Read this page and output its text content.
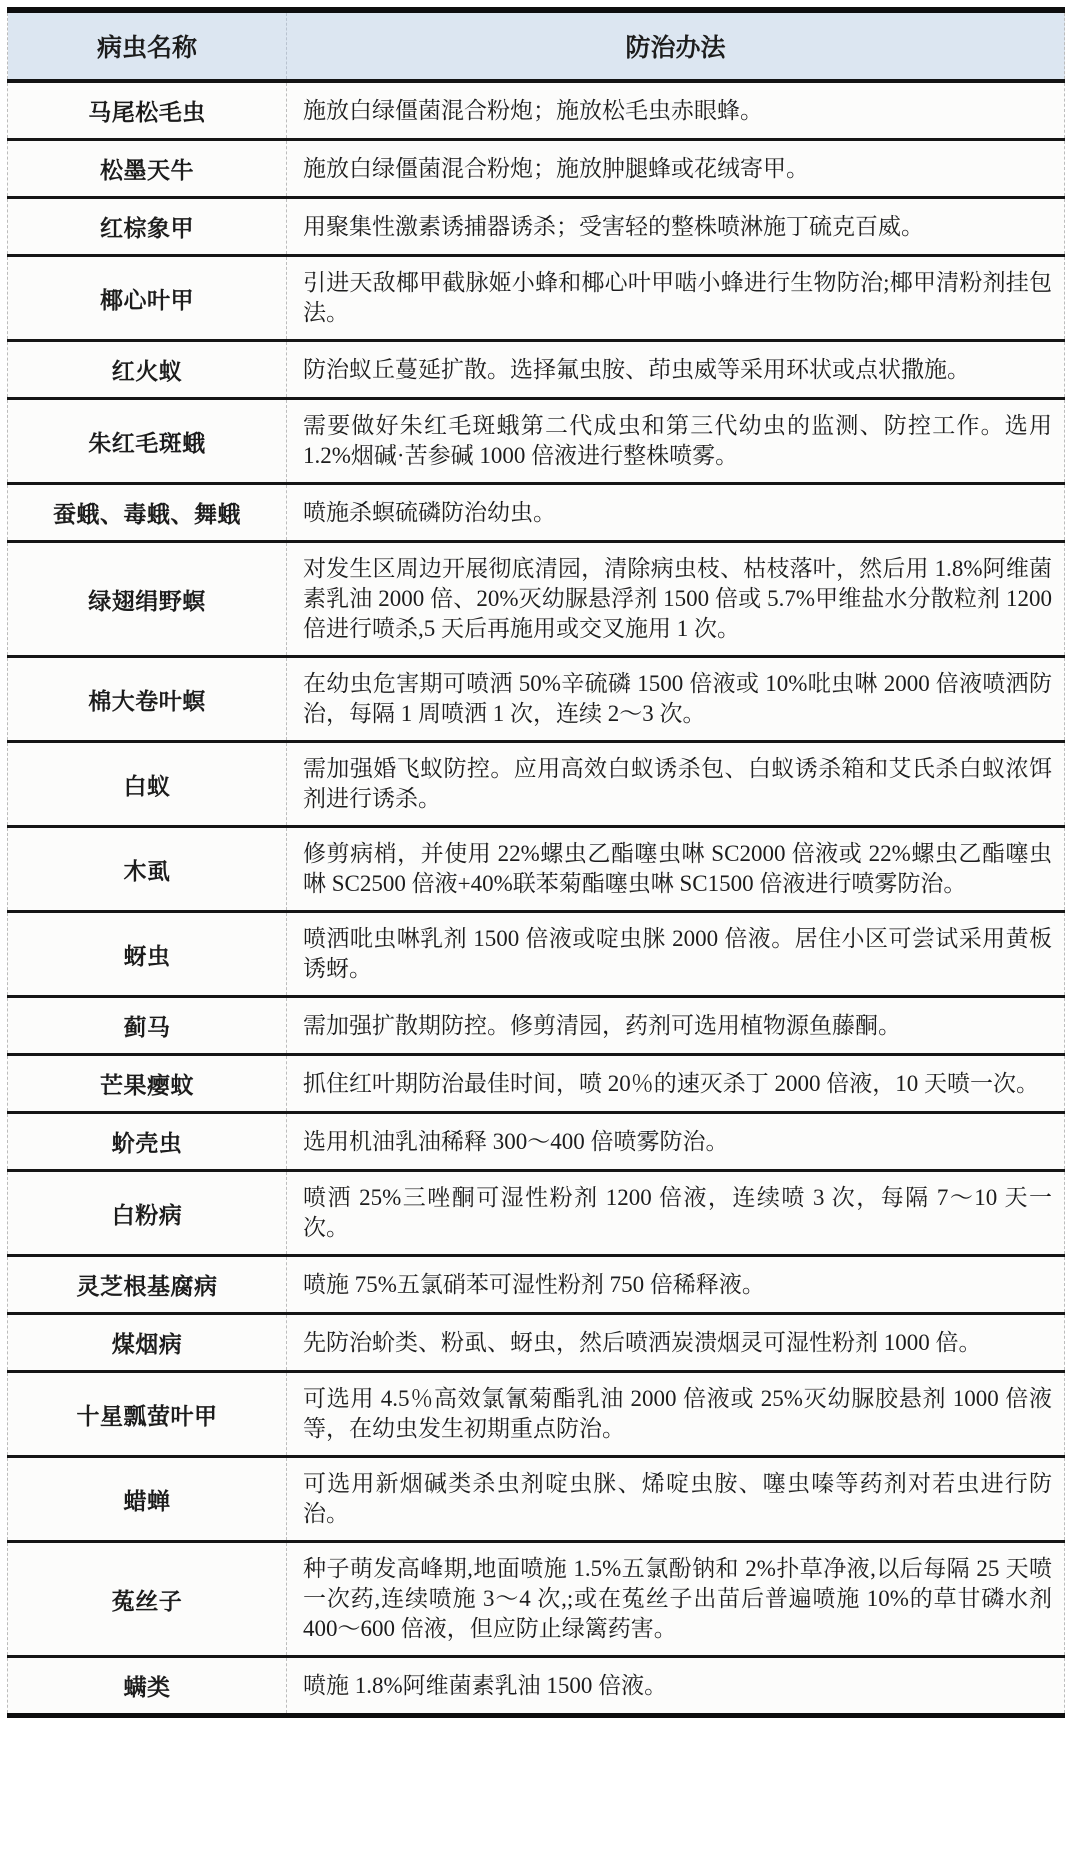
病虫名称	防治办法
马尾松毛虫	施放白绿僵菌混合粉炮；施放松毛虫赤眼蜂。
松墨天牛	施放白绿僵菌混合粉炮；施放肿腿蜂或花绒寄甲。
红棕象甲	用聚集性激素诱捕器诱杀；受害轻的整株喷淋施丁硫克百威。
椰心叶甲	引进天敌椰甲截脉姬小蜂和椰心叶甲啮小蜂进行生物防治;椰甲清粉剂挂包法。
红火蚁	防治蚁丘蔓延扩散。选择氟虫胺、茚虫威等采用环状或点状撒施。
朱红毛斑蛾	需要做好朱红毛斑蛾第二代成虫和第三代幼虫的监测、防控工作。选用 1.2%烟碱·苦参碱 1000 倍液进行整株喷雾。
蚕蛾、毒蛾、舞蛾	喷施杀螟硫磷防治幼虫。
绿翅绢野螟	对发生区周边开展彻底清园，清除病虫枝、枯枝落叶，然后用 1.8%阿维菌素乳油 2000 倍、20%灭幼脲悬浮剂 1500 倍或 5.7%甲维盐水分散粒剂 1200 倍进行喷杀,5 天后再施用或交叉施用 1 次。
棉大卷叶螟	在幼虫危害期可喷洒 50%辛硫磷 1500 倍液或 10%吡虫啉 2000 倍液喷洒防治，每隔 1 周喷洒 1 次，连续 2～3 次。
白蚁	需加强婚飞蚁防控。应用高效白蚁诱杀包、白蚁诱杀箱和艾氏杀白蚁浓饵剂进行诱杀。
木虱	修剪病梢，并使用 22%螺虫乙酯噻虫啉 SC2000 倍液或 22%螺虫乙酯噻虫啉 SC2500 倍液+40%联苯菊酯噻虫啉 SC1500 倍液进行喷雾防治。
蚜虫	喷洒吡虫啉乳剂 1500 倍液或啶虫脒 2000 倍液。居住小区可尝试采用黄板诱蚜。
蓟马	需加强扩散期防控。修剪清园，药剂可选用植物源鱼藤酮。
芒果瘿蚊	抓住红叶期防治最佳时间，喷 20％的速灭杀丁 2000 倍液，10 天喷一次。
蚧壳虫	选用机油乳油稀释 300～400 倍喷雾防治。
白粉病	喷洒 25%三唑酮可湿性粉剂 1200 倍液，连续喷 3 次，每隔 7～10 天一次。
灵芝根基腐病	喷施 75%五氯硝苯可湿性粉剂 750 倍稀释液。
煤烟病	先防治蚧类、粉虱、蚜虫，然后喷洒炭溃烟灵可湿性粉剂 1000 倍。
十星瓢萤叶甲	可选用 4.5％高效氯氰菊酯乳油 2000 倍液或 25%灭幼脲胶悬剂 1000 倍液等，在幼虫发生初期重点防治。
蜡蝉	可选用新烟碱类杀虫剂啶虫脒、烯啶虫胺、噻虫嗪等药剂对若虫进行防治。
菟丝子	种子萌发高峰期,地面喷施 1.5%五氯酚钠和 2%扑草净液,以后每隔 25 天喷一次药,连续喷施 3～4 次,;或在菟丝子出苗后普遍喷施 10%的草甘磷水剂 400～600 倍液，但应防止绿篱药害。
螨类	喷施 1.8%阿维菌素乳油 1500 倍液。
